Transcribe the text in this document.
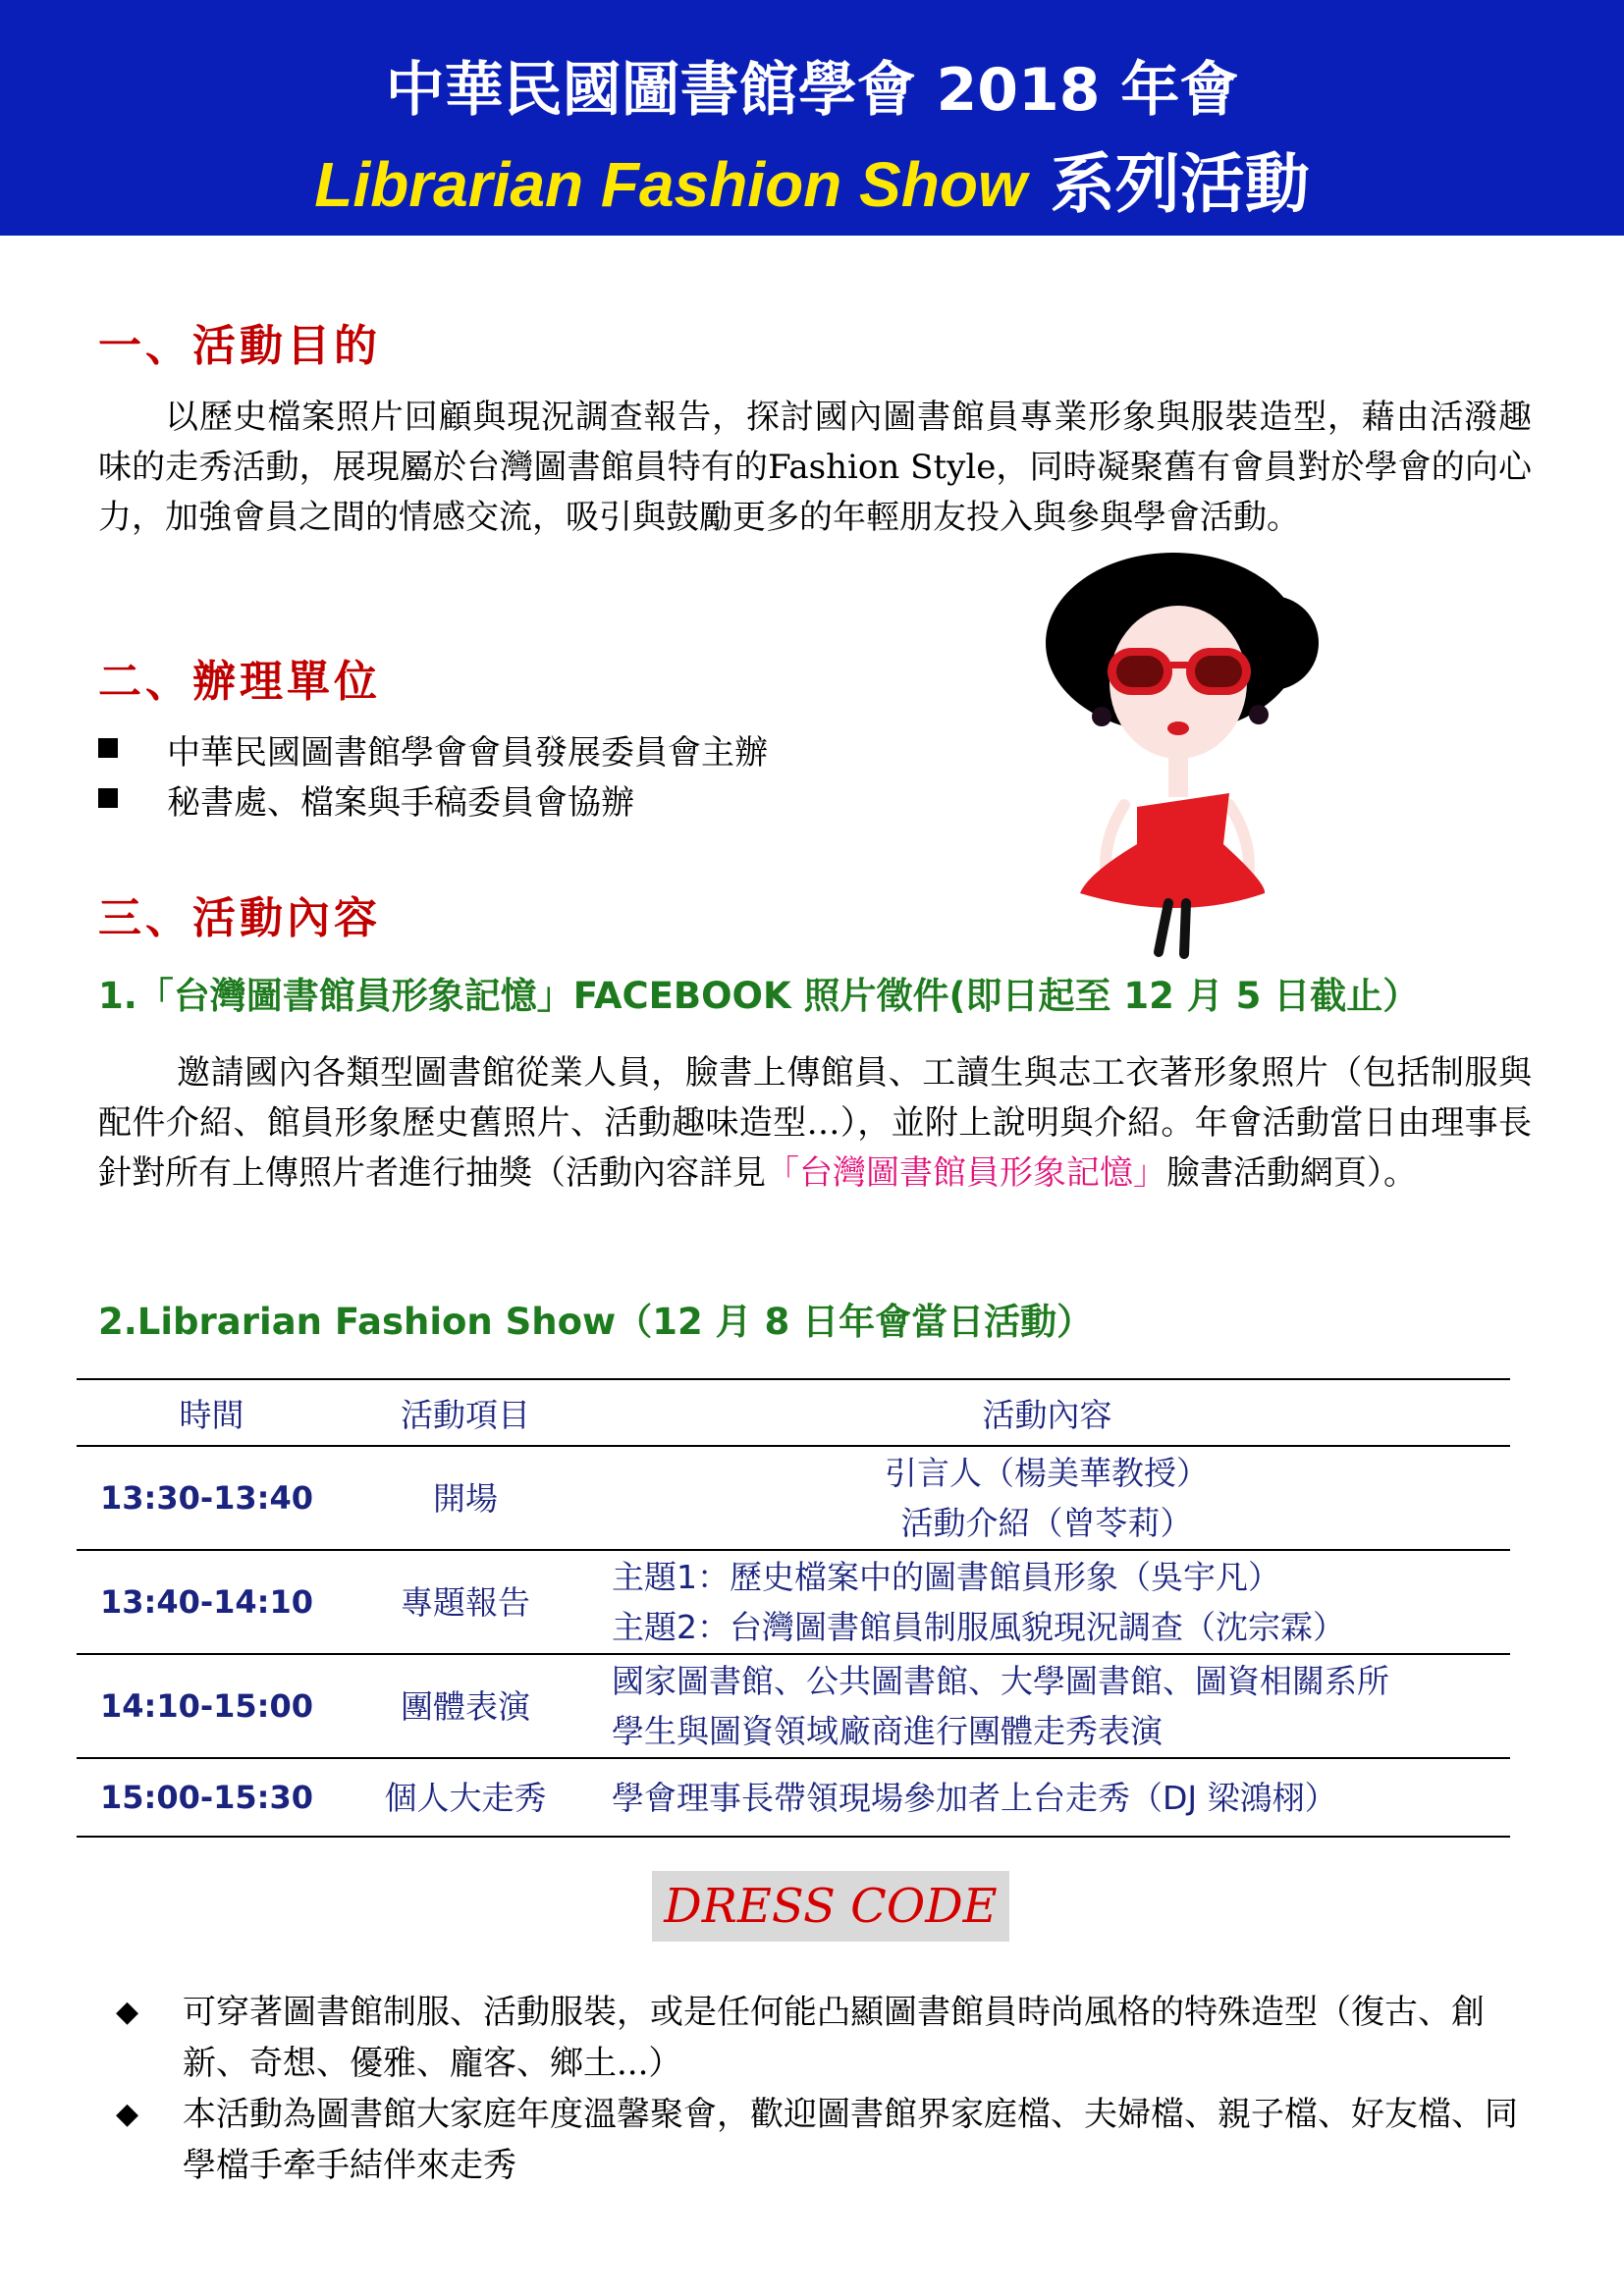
中華民國圖書館學會 2018 年會
Librarian Fashion Show 系列活動
一、活動目的
以歷史檔案照片回顧與現況調查報告，探討國內圖書館員專業形象與服裝造型，藉由活潑趣味的走秀活動，展現屬於台灣圖書館員特有的Fashion Style，同時凝聚舊有會員對於學會的向心力，加強會員之間的情感交流，吸引與鼓勵更多的年輕朋友投入與參與學會活動。
二、辦理單位
中華民國圖書館學會會員發展委員會主辦
秘書處、檔案與手稿委員會協辦
三、活動內容
1.「台灣圖書館員形象記憶」FACEBOOK 照片徵件(即日起至 12 月 5 日截止）
邀請國內各類型圖書館從業人員，臉書上傳館員、工讀生與志工衣著形象照片（包括制服與配件介紹、館員形象歷史舊照片、活動趣味造型…），並附上說明與介紹。年會活動當日由理事長針對所有上傳照片者進行抽獎（活動內容詳見「台灣圖書館員形象記憶」臉書活動網頁）。
2.Librarian Fashion Show（12 月 8 日年會當日活動）
時間	活動項目	活動內容
13:30-13:40	開場	引言人（楊美華教授）
活動介紹（曾苓莉）

13:40-14:10	專題報告	主題1：歷史檔案中的圖書館員形象（吳宇凡）
主題2：台灣圖書館員制服風貌現況調查（沈宗霖）

14:10-15:00	團體表演	國家圖書館、公共圖書館、大學圖書館、圖資相關系所
學生與圖資領域廠商進行團體走秀表演

15:00-15:30	個人大走秀	學會理事長帶領現場參加者上台走秀（DJ 梁鴻栩）
DRESS CODE
◆	可穿著圖書館制服、活動服裝，或是任何能凸顯圖書館員時尚風格的特殊造型（復古、創新、奇想、優雅、龐客、鄉土...）
◆	本活動為圖書館大家庭年度溫馨聚會，歡迎圖書館界家庭檔、夫婦檔、親子檔、好友檔、同學檔手牽手結伴來走秀
